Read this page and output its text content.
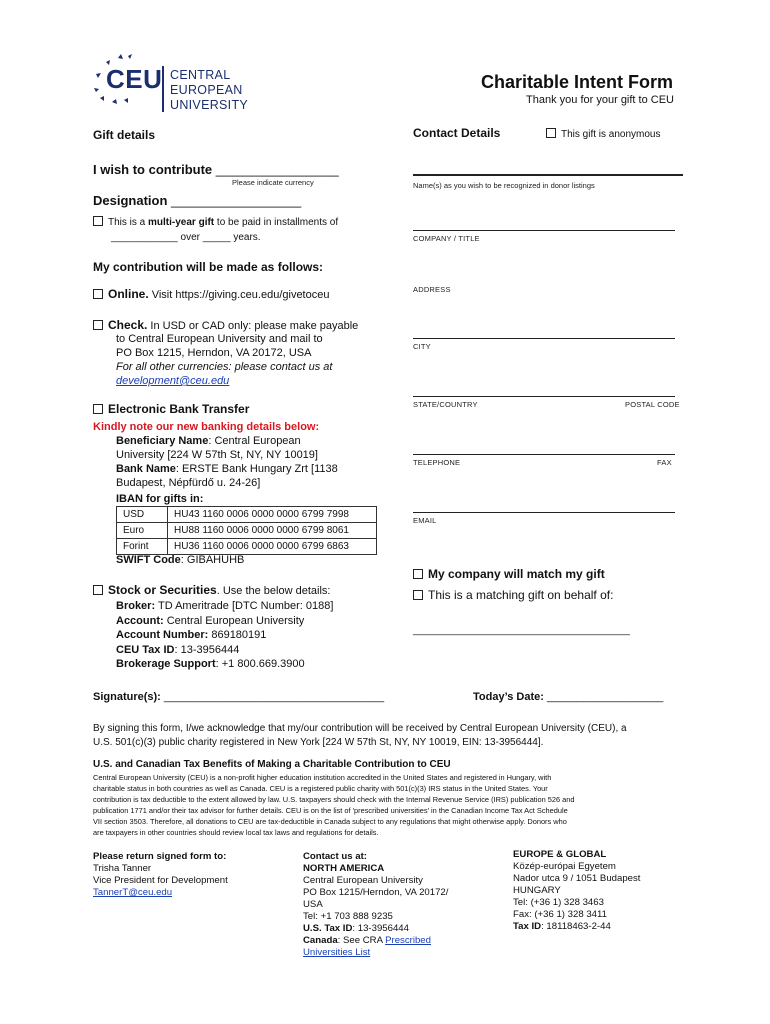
CEU CENTRAL
EUROPEAN
UNIVERSITY
Charitable Intent Form
Thank you for your gift to CEU
Gift details
I wish to contribute _________________
Please indicate currency
Designation __________________
This is a multi-year gift to be paid in installments of
____________ over _____ years.
My contribution will be made as follows:
Online. Visit https://giving.ceu.edu/givetoceu
Check. In USD or CAD only: please make payable
to Central European University and mail to
PO Box 1215, Herndon, VA 20172, USA
For all other currencies: please contact us at
development@ceu.edu
Electronic Bank Transfer
Kindly note our new banking details below:
Beneficiary Name: Central European
University [224 W 57th St, NY, NY 10019]
Bank Name: ERSTE Bank Hungary Zrt [1138
Budapest, Népfürdő u. 24-26]
IBAN for gifts in:
USD	HU43 1160 0006 0000 0000 6799 7998
Euro	HU88 1160 0006 0000 0000 6799 8061
Forint	HU36 1160 0006 0000 0000 6799 6863
SWIFT Code: GIBAHUHB
Stock or Securities. Use the below details:
Broker: TD Ameritrade [DTC Number: 0188]
Account: Central European University
Account Number: 869180191
CEU Tax ID: 13-3956444
Brokerage Support: +1 800.669.3900
Contact Details	This gift is anonymous
Name(s) as you wish to be recognized in donor listings
COMPANY / TITLE
ADDRESS
CITY
STATE/COUNTRY	POSTAL CODE
TELEPHONE	FAX
EMAIL
My company will match my gift
This is a matching gift on behalf of:
_______________________________________
Signature(s): ____________________________________	Today’s Date: ___________________
By signing this form, I/we acknowledge that my/our contribution will be received by Central European University (CEU), a
U.S. 501(c)(3) public charity registered in New York [224 W 57th St, NY, NY 10019, EIN: 13-3956444].
U.S. and Canadian Tax Benefits of Making a Charitable Contribution to CEU
Central European University (CEU) is a non-profit higher education institution accredited in the United States and registered in Hungary, with
charitable status in both countries as well as Canada. CEU is a registered public charity with 501(c)(3) IRS status in the United States. Your
contribution is tax deductible to the extent allowed by law. U.S. taxpayers should check with the Internal Revenue Service (IRS) publication 526 and
publication 1771 and/or their tax advisor for further details. CEU is on the list of 'prescribed universities' in the Canadian Income Tax Act Schedule
VII section 3503. Therefore, all donations to CEU are tax-deductible in Canada subject to any regulations that might otherwise apply. Donors who
are taxpayers in other countries should review local tax laws and regulations for details.
Please return signed form to:
Trisha Tanner
Vice President for Development
TannerT@ceu.edu
Contact us at:
NORTH AMERICA
Central European University
PO Box 1215/Herndon, VA 20172/
USA
Tel: +1 703 888 9235
U.S. Tax ID: 13-3956444
Canada: See CRA Prescribed
Universities List
EUROPE & GLOBAL
Közép-európai Egyetem
Nador utca 9 / 1051 Budapest
HUNGARY
Tel: (+36 1) 328 3463
Fax: (+36 1) 328 3411
Tax ID: 18118463-2-44
